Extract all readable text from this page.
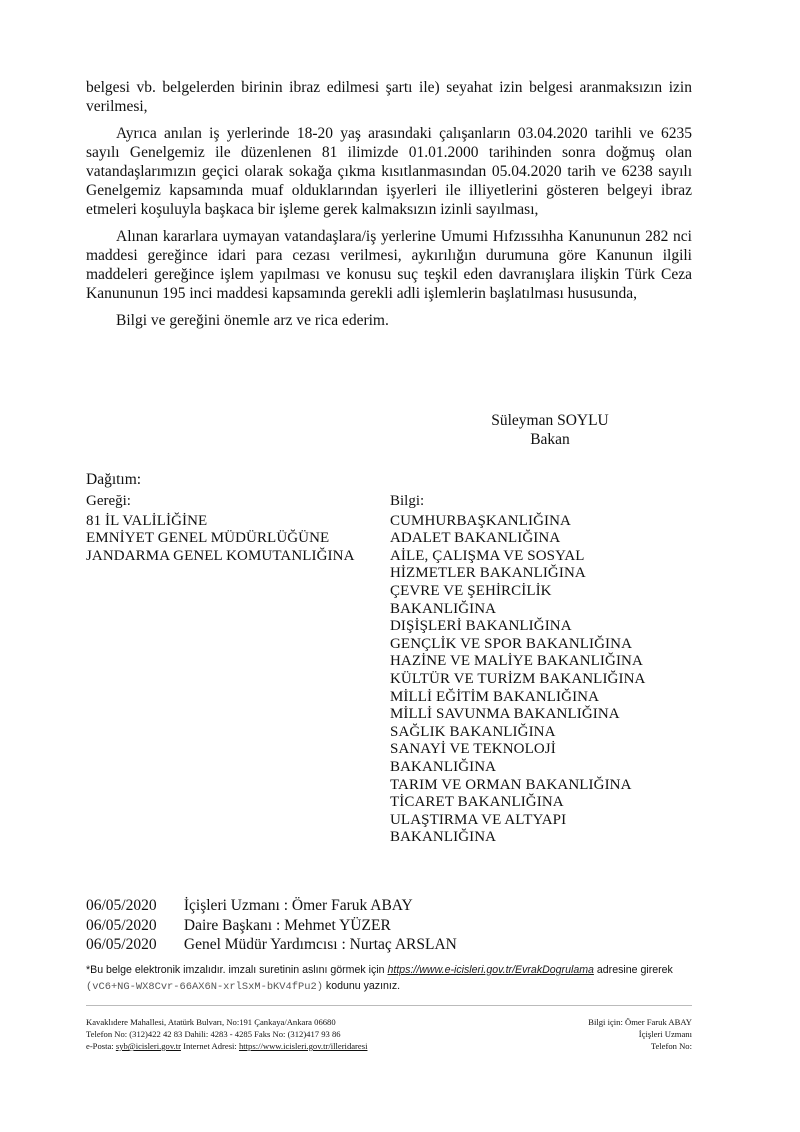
belgesi vb. belgelerden birinin ibraz edilmesi şartı ile) seyahat izin belgesi aranmaksızın izin verilmesi,

Ayrıca anılan iş yerlerinde 18-20 yaş arasındaki çalışanların 03.04.2020 tarihli ve 6235 sayılı Genelgemiz ile düzenlenen 81 ilimizde 01.01.2000 tarihinden sonra doğmuş olan vatandaşlarımızın geçici olarak sokağa çıkma kısıtlanmasından 05.04.2020 tarih ve 6238 sayılı Genelgemiz kapsamında muaf olduklarından işyerleri ile illiyetlerini gösteren belgeyi ibraz etmeleri koşuluyla başkaca bir işleme gerek kalmaksızın izinli sayılması,

Alınan kararlara uymayan vatandaşlara/iş yerlerine Umumi Hıfzıssıhha Kanununun 282 nci maddesi gereğince idari para cezası verilmesi, aykırılığın durumuna göre Kanunun ilgili maddeleri gereğince işlem yapılması ve konusu suç teşkil eden davranışlara ilişkin Türk Ceza Kanununun 195 inci maddesi kapsamında gerekli adli işlemlerin başlatılması hususunda,

Bilgi ve gereğini önemle arz ve rica ederim.

Süleyman SOYLU
Bakan
Dağıtım:
Gereği:
81 İL VALİLİĞİNE
EMNİYET GENEL MÜDÜRLÜĞÜNE
JANDARMA GENEL KOMUTANLIĞINA
Bilgi:
CUMHURBAŞKANLIĞINA
ADALET BAKANLIĞINA
AİLE, ÇALIŞMA VE SOSYAL
HİZMETLER BAKANLIĞINA
ÇEVRE VE ŞEHİRCİLİK
BAKANLIĞINA
DIŞİŞLERİ BAKANLIĞINA
GENÇLİK VE SPOR BAKANLIĞINA
HAZİNE VE MALİYE BAKANLIĞINA
KÜLTÜR VE TURİZM BAKANLIĞINA
MİLLİ EĞİTİM BAKANLIĞINA
MİLLİ SAVUNMA BAKANLIĞINA
SAĞLIK BAKANLIĞINA
SANAYİ VE TEKNOLOJİ
BAKANLIĞINA
TARIM VE ORMAN BAKANLIĞINA
TİCARET BAKANLIĞINA
ULAŞTIRMA VE ALTYAPI
BAKANLIĞINA
06/05/2020 İçişleri Uzmanı : Ömer Faruk ABAY
06/05/2020 Daire Başkanı : Mehmet YÜZER
06/05/2020 Genel Müdür Yardımcısı : Nurtaç ARSLAN
*Bu belge elektronik imzalıdır. imzalı suretinin aslını görmek için https://www.e-icisleri.gov.tr/EvrakDogrulama adresine girerek (vC6+NG-WX8Cvr-66AX6N-xrlSxM-bKV4fPu2) kodunu yazınız.
Kavaklıdere Mahallesi, Atatürk Bulvarı, No:191 Çankaya/Ankara 06680
Telefon No: (312)422 42 83 Dahili: 4283 - 4285 Faks No: (312)417 93 86
e-Posta: syb@icisleri.gov.tr Internet Adresi: https://www.icisleri.gov.tr/illeridaresi
Bilgi için: Ömer Faruk ABAY
İçişleri Uzmanı
Telefon No:
